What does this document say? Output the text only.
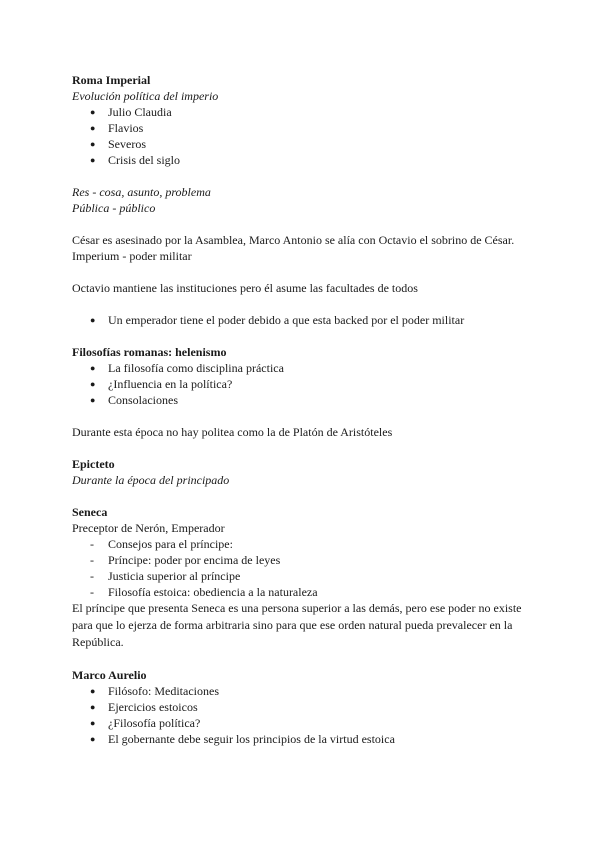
Roma Imperial
Evolución política del imperio
● Julio Claudia
● Flavios
● Severos
● Crisis del siglo
Res - cosa, asunto, problema
Pública - público

César es asesinado por la Asamblea, Marco Antonio se alía con Octavio el sobrino de César.

Imperium - poder militar

Octavio mantiene las instituciones pero él asume las facultades de todos

● Un emperador tiene el poder debido a que esta backed por el poder militar
Filosofías romanas: helenismo
● La filosofía como disciplina práctica
● ¿Influencia en la política?
● Consolaciones

Durante esta época no hay politea como la de Platón de Aristóteles

Epicteto
Durante la época del principado
Seneca

Preceptor de Nerón, Emperador

- Consejos para el príncipe:
- Príncipe: poder por encima de leyes
- Justicia superior al príncipe
- Filosofía estoica: obediencia a la naturaleza

El príncipe que presenta Seneca es una persona superior a las demás, pero ese poder no existe para que lo ejerza de forma arbitraria sino para que ese orden natural pueda prevalecer en la República.

Marco Aurelio
● Filósofo: Meditaciones
● Ejercicios estoicos
● ¿Filosofía política?
● El gobernante debe seguir los principios de la virtud estoica
